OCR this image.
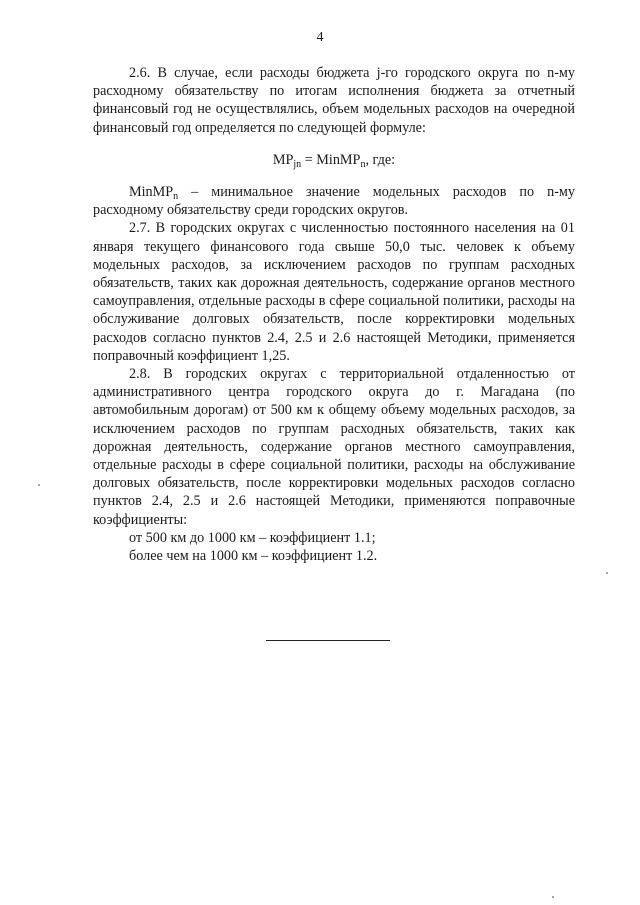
4

2.6. В случае, если расходы бюджета j-го городского округа по n-му расходному обязательству по итогам исполнения бюджета за отчетный финансовый год не осуществлялись, объем модельных расходов на очередной финансовый год определяется по следующей формуле:

$MP_{jn}$ = MinMP$_n$, где:

MinMP$_n$ – минимальное значение модельных расходов по n-му расходному обязательству среди городских округов.

2.7. В городских округах с численностью постоянного населения на 01 января текущего финансового года свыше 50,0 тыс. человек к объему модельных расходов, за исключением расходов по группам расходных обязательств, таких как дорожная деятельность, содержание органов местного самоуправления, отдельные расходы в сфере социальной политики, расходы на обслуживание долговых обязательств, после корректировки модельных расходов согласно пунктов 2.4, 2.5 и 2.6 настоящей Методики, применяется поправочный коэффициент 1,25.

2.8. В городских округах с территориальной отдаленностью от административного центра городского округа до г. Магадана (по автомобильным дорогам) от 500 км к общему объему модельных расходов, за исключением расходов по группам расходных обязательств, таких как дорожная деятельность, содержание органов местного самоуправления, отдельные расходы в сфере социальной политики, расходы на обслуживание долговых обязательств, после корректировки модельных расходов согласно пунктов 2.4, 2.5 и 2.6 настоящей Методики, применяются поправочные коэффициенты:

от 500 км до 1000 км – коэффициент 1.1;

более чем на 1000 км – коэффициент 1.2.
